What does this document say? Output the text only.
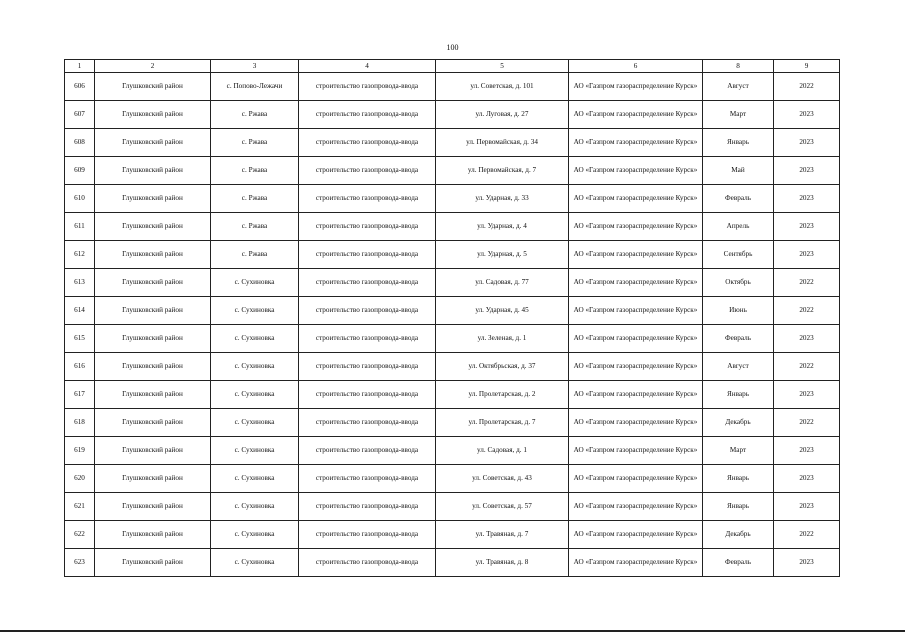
100
1	2	3	4	5	6	8	9
606	Глушковский район	с. Попово-Лежачи	строительство газопровода-ввода	ул. Советская, д. 101	АО «Газпром газораспределение Курск»	Август	2022
607	Глушковский район	с. Ржава	строительство газопровода-ввода	ул. Луговая, д. 27	АО «Газпром газораспределение Курск»	Март	2023
608	Глушковский район	с. Ржава	строительство газопровода-ввода	ул. Первомайская, д. 34	АО «Газпром газораспределение Курск»	Январь	2023
609	Глушковский район	с. Ржава	строительство газопровода-ввода	ул. Первомайская, д. 7	АО «Газпром газораспределение Курск»	Май	2023
610	Глушковский район	с. Ржава	строительство газопровода-ввода	ул. Ударная, д. 33	АО «Газпром газораспределение Курск»	Февраль	2023
611	Глушковский район	с. Ржава	строительство газопровода-ввода	ул. Ударная, д. 4	АО «Газпром газораспределение Курск»	Апрель	2023
612	Глушковский район	с. Ржава	строительство газопровода-ввода	ул. Ударная, д. 5	АО «Газпром газораспределение Курск»	Сентябрь	2023
613	Глушковский район	с. Сухиновка	строительство газопровода-ввода	ул. Садовая, д. 77	АО «Газпром газораспределение Курск»	Октябрь	2022
614	Глушковский район	с. Сухиновка	строительство газопровода-ввода	ул. Ударная, д. 45	АО «Газпром газораспределение Курск»	Июнь	2022
615	Глушковский район	с. Сухиновка	строительство газопровода-ввода	ул. Зеленая, д. 1	АО «Газпром газораспределение Курск»	Февраль	2023
616	Глушковский район	с. Сухиновка	строительство газопровода-ввода	ул. Октябрьская, д. 37	АО «Газпром газораспределение Курск»	Август	2022
617	Глушковский район	с. Сухиновка	строительство газопровода-ввода	ул. Пролетарская, д. 2	АО «Газпром газораспределение Курск»	Январь	2023
618	Глушковский район	с. Сухиновка	строительство газопровода-ввода	ул. Пролетарская, д. 7	АО «Газпром газораспределение Курск»	Декабрь	2022
619	Глушковский район	с. Сухиновка	строительство газопровода-ввода	ул. Садовая, д. 1	АО «Газпром газораспределение Курск»	Март	2023
620	Глушковский район	с. Сухиновка	строительство газопровода-ввода	ул. Советская, д. 43	АО «Газпром газораспределение Курск»	Январь	2023
621	Глушковский район	с. Сухиновка	строительство газопровода-ввода	ул. Советская, д. 57	АО «Газпром газораспределение Курск»	Январь	2023
622	Глушковский район	с. Сухиновка	строительство газопровода-ввода	ул. Травяная, д. 7	АО «Газпром газораспределение Курск»	Декабрь	2022
623	Глушковский район	с. Сухиновка	строительство газопровода-ввода	ул. Травяная, д. 8	АО «Газпром газораспределение Курск»	Февраль	2023
